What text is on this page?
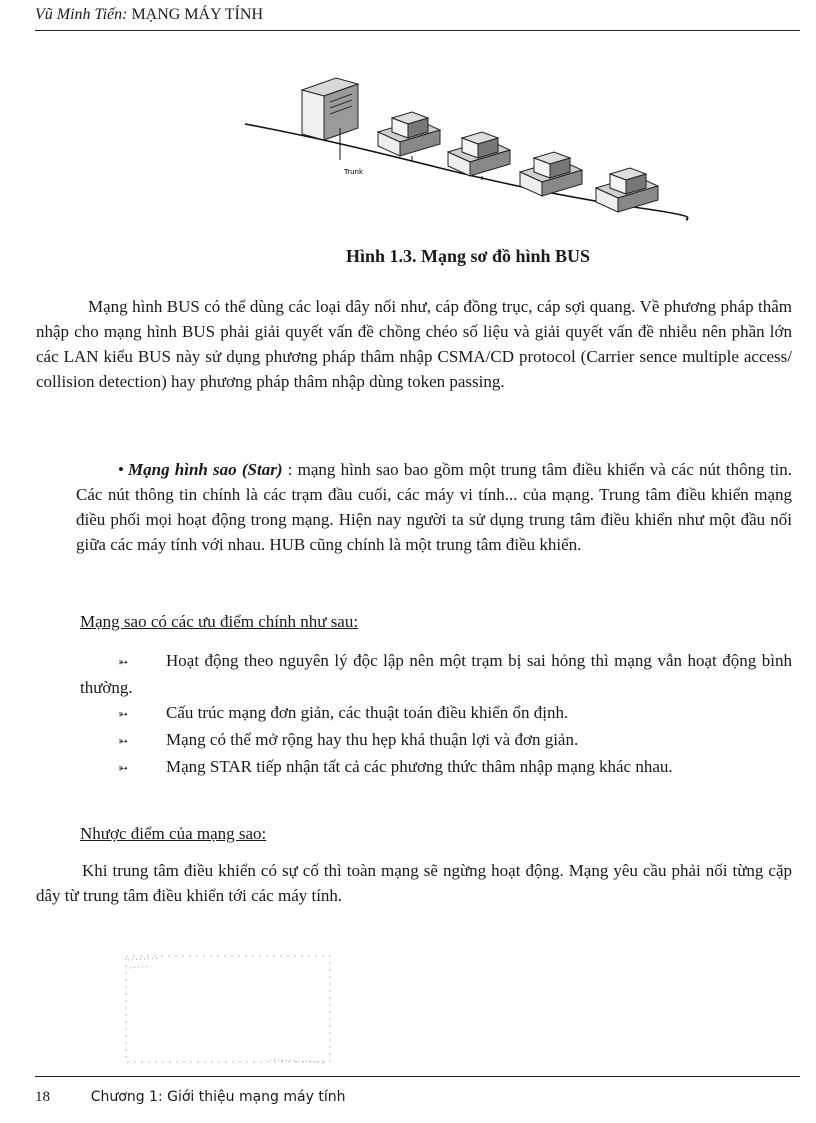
Vũ Minh Tiến: MẠNG MÁY TÍNH
Trunk
Hình 1.3. Mạng sơ đồ hình BUS
Mạng hình BUS có thể dùng các loại dây nối như, cáp đồng trục, cáp sợi quang. Về phương pháp thâm nhập cho mạng hình BUS phải giải quyết vấn đề chồng chéo số liệu và giải quyết vấn đề nhiễu nên phần lớn các LAN kiểu BUS này sử dụng phương pháp thâm nhập CSMA/CD protocol (Carrier sence multiple access/ collision detection) hay phương pháp thâm nhập dùng token passing.
• Mạng hình sao (Star) : mạng hình sao bao gồm một trung tâm điều khiển và các nút thông tin. Các nút thông tin chính là các trạm đầu cuối, các máy vi tính... của mạng. Trung tâm điều khiển mạng điều phối mọi hoạt động trong mạng. Hiện nay người ta sử dụng trung tâm điều khiển như một đầu nối giữa các máy tính với nhau. HUB cũng chính là một trung tâm điều khiển.
Mạng sao có các ưu điểm chính như sau:
➳ Hoạt động theo nguyên lý độc lập nên một trạm bị sai hỏng thì mạng vẫn hoạt động bình thường.
➳ Cấu trúc mạng đơn giản, các thuật toán điều khiển ổn định.
➳ Mạng có thể mở rộng hay thu hẹp khá thuận lợi và đơn giản.
➳ Mạng STAR tiếp nhận tất cả các phương thức thâm nhập mạng khác nhau.
Nhược điểm của mạng sao:
Khi trung tâm điều khiển có sự cố thì toàn mạng sẽ ngừng hoạt động. Mạng yêu cầu phải nối từng cặp dây từ trung tâm điều khiển tới các máy tính.
18	Chương 1: Giới thiệu mạng máy tính
